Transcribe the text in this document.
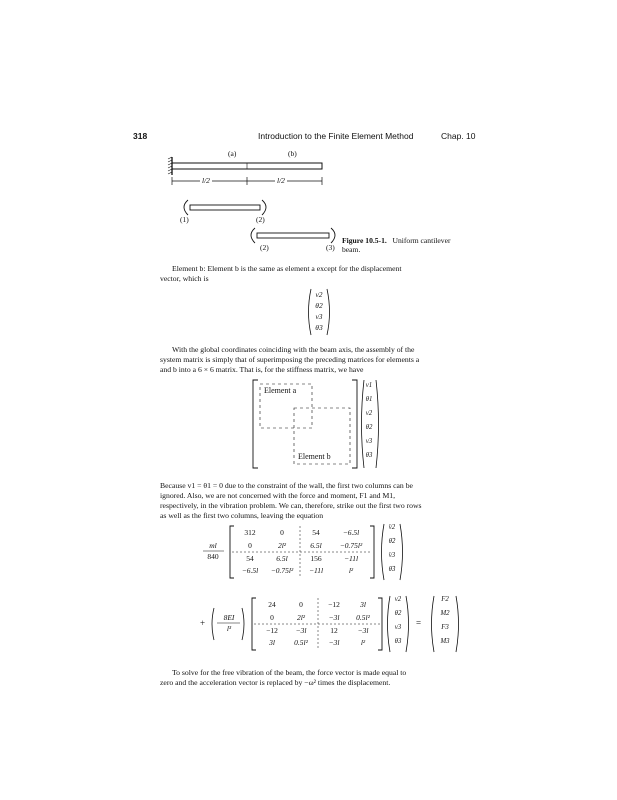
318	Introduction to the Finite Element Method	Chap. 10
(a)	(b)
l/2	l/2
(1)	(2)
(2)	(3)
Figure 10.5-1. Uniform cantilever
beam.
Element b: Element b is the same as element a except for the displacement
vector, which is
v2
θ2
v3
θ3
With the global coordinates coinciding with the beam axis, the assembly of the
system matrix is simply that of superimposing the preceding matrices for elements a
and b into a 6 × 6 matrix. That is, for the stiffness matrix, we have
Element a
Element b
v1
θ1
v2
θ2
v3
θ3
Because v1 = θ1 = 0 due to the constraint of the wall, the first two columns can be
ignored. Also, we are not concerned with the force and moment, F1 and M1,
respectively, in the vibration problem. We can, therefore, strike out the first two rows
as well as the first two columns, leaving the equation
ml
840
312	0	54	−6.5l
0	2l²	6.5l	−0.75l²
54	6.5l	156	−11l
−6.5l	−0.75l²	−11l	l²
v̈2
θ̈2
v̈3
θ̈3
+
8EI
l³
24	0	−12	3l
0	2l²	−3l	0.5l²
−12	−3l	12	−3l
3l	0.5l²	−3l	l²
v2
θ2
v3
θ3
=
F2
M2
F3
M3
To solve for the free vibration of the beam, the force vector is made equal to
zero and the acceleration vector is replaced by −ω² times the displacement.
